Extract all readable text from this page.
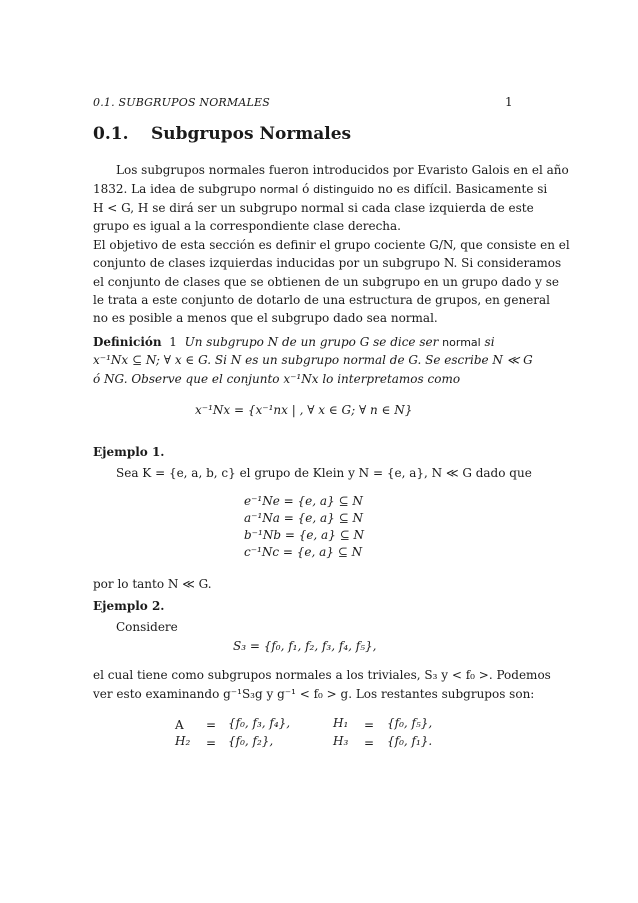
0.1. SUBGRUPOS NORMALES	1
0.1. Subgrupos Normales
Los subgrupos normales fueron introducidos por Evaristo Galois en el año
1832. La idea de subgrupo normal ó distinguido no es difícil. Basicamente si
H < G, H se dirá ser un subgrupo normal si cada clase izquierda de este
grupo es igual a la correspondiente clase derecha.
El objetivo de esta sección es definir el grupo cociente G/N, que consiste en el
conjunto de clases izquierdas inducidas por un subgrupo N. Si consideramos
el conjunto de clases que se obtienen de un subgrupo en un grupo dado y se
le trata a este conjunto de dotarlo de una estructura de grupos, en general
no es posible a menos que el subgrupo dado sea normal.
Definición 1 Un subgrupo N de un grupo G se dice ser normal si
x⁻¹Nx ⊆ N; ∀ x ∈ G. Si N es un subgrupo normal de G. Se escribe N ≪ G
ó NG. Observe que el conjunto x⁻¹Nx lo interpretamos como
x⁻¹Nx = {x⁻¹nx | , ∀ x ∈ G; ∀ n ∈ N}
Ejemplo 1.
Sea K = {e, a, b, c} el grupo de Klein y N = {e, a}, N ≪ G dado que
e⁻¹Ne = {e, a} ⊆ N
a⁻¹Na = {e, a} ⊆ N
b⁻¹Nb = {e, a} ⊆ N
c⁻¹Nc = {e, a} ⊆ N
por lo tanto N ≪ G.
Ejemplo 2.
Considere
S₃ = {f₀, f₁, f₂, f₃, f₄, f₅},
el cual tiene como subgrupos normales a los triviales, S₃ y < f₀ >. Podemos
ver esto examinando g⁻¹S₃g y g⁻¹ < f₀ > g. Los restantes subgrupos son:
A = {f₀, f₃, f₄},	H₁ = {f₀, f₅},
H₂ = {f₀, f₂},	H₃ = {f₀, f₁}.
